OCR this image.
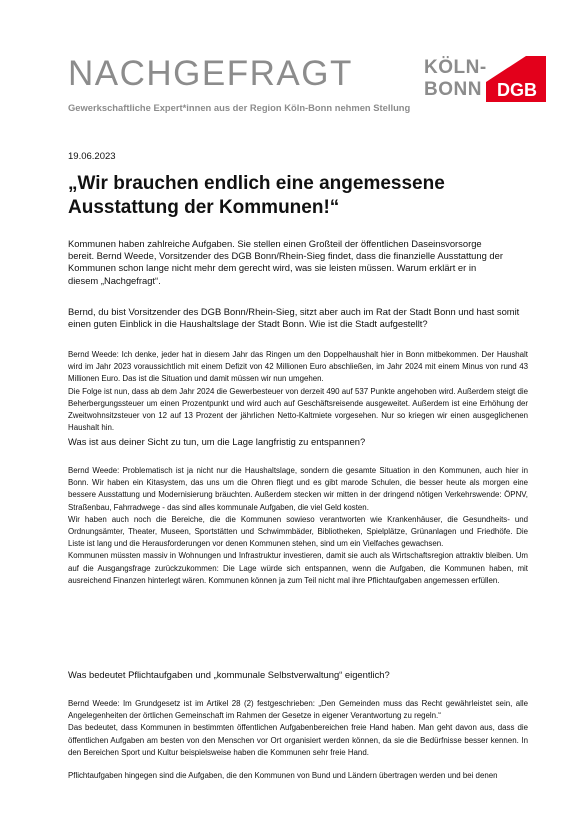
NACHGEFRAGT
Gewerkschaftliche Expert*innen aus der Region Köln-Bonn nehmen Stellung
KÖLN-
BONN DGB
19.06.2023
„Wir brauchen endlich eine angemessene Ausstattung der Kommunen!“
Kommunen haben zahlreiche Aufgaben. Sie stellen einen Großteil der öffentlichen Daseinsvorsorge bereit. Bernd Weede, Vorsitzender des DGB Bonn/Rhein-Sieg findet, dass die finanzielle Ausstattung der Kommunen schon lange nicht mehr dem gerecht wird, was sie leisten müssen. Warum erklärt er in diesem „Nachgefragt“.
Bernd, du bist Vorsitzender des DGB Bonn/Rhein-Sieg, sitzt aber auch im Rat der Stadt Bonn und hast somit einen guten Einblick in die Haushaltslage der Stadt Bonn. Wie ist die Stadt aufgestellt?

Bernd Weede: Ich denke, jeder hat in diesem Jahr das Ringen um den Doppelhaushalt hier in Bonn mitbekommen. Der Haushalt wird im Jahr 2023 voraussichtlich mit einem Defizit von 42 Millionen Euro abschließen, im Jahr 2024 mit einem Minus von rund 43 Millionen Euro. Das ist die Situation und damit müssen wir nun umgehen.

Die Folge ist nun, dass ab dem Jahr 2024 die Gewerbesteuer von derzeit 490 auf 537 Punkte angehoben wird. Außerdem steigt die Beherbergungssteuer um einen Prozentpunkt und wird auch auf Geschäftsreisende ausgeweitet. Außerdem ist eine Erhöhung der Zweitwohnsitzsteuer von 12 auf 13 Prozent der jährlichen Netto-Kaltmiete vorgesehen. Nur so kriegen wir einen ausgeglichenen Haushalt hin.

Was ist aus deiner Sicht zu tun, um die Lage langfristig zu entspannen?

Bernd Weede: Problematisch ist ja nicht nur die Haushaltslage, sondern die gesamte Situation in den Kommunen, auch hier in Bonn. Wir haben ein Kitasystem, das uns um die Ohren fliegt und es gibt marode Schulen, die besser heute als morgen eine bessere Ausstattung und Modernisierung bräuchten. Außerdem stecken wir mitten in der dringend nötigen Verkehrswende: ÖPNV, Straßenbau, Fahrradwege - das sind alles kommunale Aufgaben, die viel Geld kosten.

Wir haben auch noch die Bereiche, die die Kommunen sowieso verantworten wie Krankenhäuser, die Gesundheits- und Ordnungsämter, Theater, Museen, Sportstätten und Schwimmbäder, Bibliotheken, Spielplätze, Grünanlagen und Friedhöfe. Die Liste ist lang und die Herausforderungen vor denen Kommunen stehen, sind um ein Vielfaches gewachsen.

Kommunen müssten massiv in Wohnungen und Infrastruktur investieren, damit sie auch als Wirtschaftsregion attraktiv bleiben. Um auf die Ausgangsfrage zurückzukommen: Die Lage würde sich entspannen, wenn die Aufgaben, die Kommunen haben, mit ausreichend Finanzen hinterlegt wären. Kommunen können ja zum Teil nicht mal ihre Pflichtaufgaben angemessen erfüllen.

Was bedeutet Pflichtaufgaben und „kommunale Selbstverwaltung“ eigentlich?

Bernd Weede: Im Grundgesetz ist im Artikel 28 (2) festgeschrieben: „Den Gemeinden muss das Recht gewährleistet sein, alle Angelegenheiten der örtlichen Gemeinschaft im Rahmen der Gesetze in eigener Verantwortung zu regeln.“

Das bedeutet, dass Kommunen in bestimmten öffentlichen Aufgabenbereichen freie Hand haben. Man geht davon aus, dass die öffentlichen Aufgaben am besten von den Menschen vor Ort organisiert werden können, da sie die Bedürfnisse besser kennen. In den Bereichen Sport und Kultur beispielsweise haben die Kommunen sehr freie Hand.

Pflichtaufgaben hingegen sind die Aufgaben, die den Kommunen von Bund und Ländern übertragen werden und bei denen
